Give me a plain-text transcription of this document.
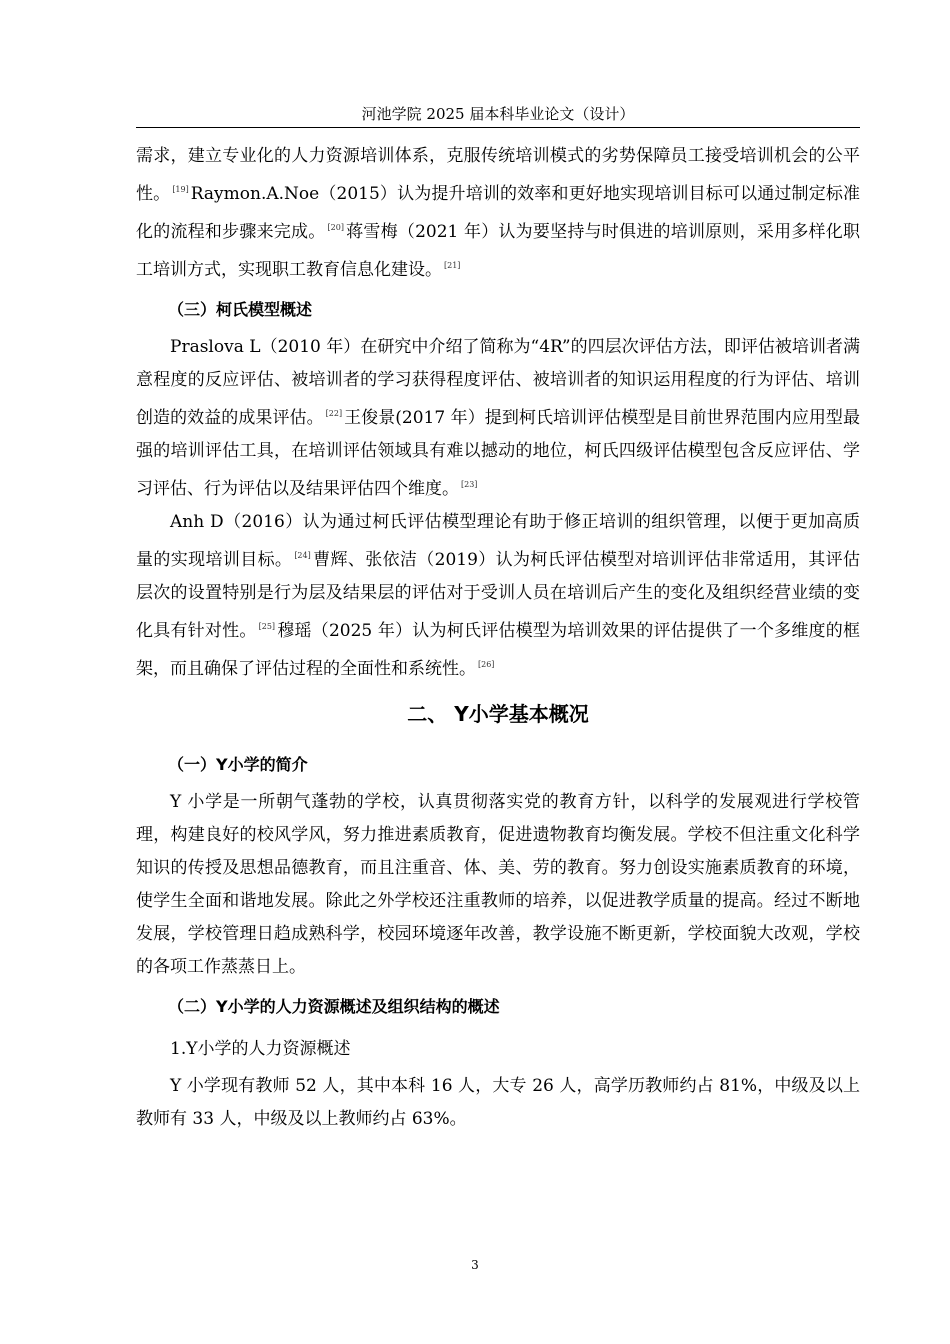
河池学院 2025 届本科毕业论文（设计）

需求，建立专业化的人力资源培训体系，克服传统培训模式的劣势保障员工接受培训机会的公平性。 [19] Raymon.A.Noe（2015）认为提升培训的效率和更好地实现培训目标可以通过制定标准化的流程和步骤来完成。 [20] 蒋雪梅（2021 年）认为要坚持与时俱进的培训原则，采用多样化职工培训方式，实现职工教育信息化建设。 [21]

（三）柯氏模型概述

Praslova L（2010 年）在研究中介绍了简称为“4R”的四层次评估方法，即评估被培训者满意程度的反应评估、被培训者的学习获得程度评估、被培训者的知识运用程度的行为评估、培训创造的效益的成果评估。 [22] 王俊景(2017 年）提到柯氏培训评估模型是目前世界范围内应用型最强的培训评估工具，在培训评估领域具有难以撼动的地位，柯氏四级评估模型包含反应评估、学习评估、行为评估以及结果评估四个维度。 [23]

Anh D（2016）认为通过柯氏评估模型理论有助于修正培训的组织管理，以便于更加高质量的实现培训目标。 [24] 曹辉、张依洁（2019）认为柯氏评估模型对培训评估非常适用，其评估层次的设置特别是行为层及结果层的评估对于受训人员在培训后产生的变化及组织经营业绩的变化具有针对性。 [25] 穆瑶（2025 年）认为柯氏评估模型为培训效果的评估提供了一个多维度的框架，而且确保了评估过程的全面性和系统性。 [26]

二、 Y小学基本概况
（一）Y小学的简介

Y 小学是一所朝气蓬勃的学校，认真贯彻落实党的教育方针，以科学的发展观进行学校管理，构建良好的校风学风，努力推进素质教育，促进遗物教育均衡发展。学校不但注重文化科学知识的传授及思想品德教育，而且注重音、体、美、劳的教育。努力创设实施素质教育的环境，使学生全面和谐地发展。除此之外学校还注重教师的培养，以促进教学质量的提高。经过不断地发展，学校管理日趋成熟科学，校园环境逐年改善，教学设施不断更新，学校面貌大改观，学校的各项工作蒸蒸日上。

（二）Y小学的人力资源概述及组织结构的概述

1.Y小学的人力资源概述

Y 小学现有教师 52 人，其中本科 16 人，大专 26 人，高学历教师约占 81%，中级及以上教师有 33 人，中级及以上教师约占 63%。

3
